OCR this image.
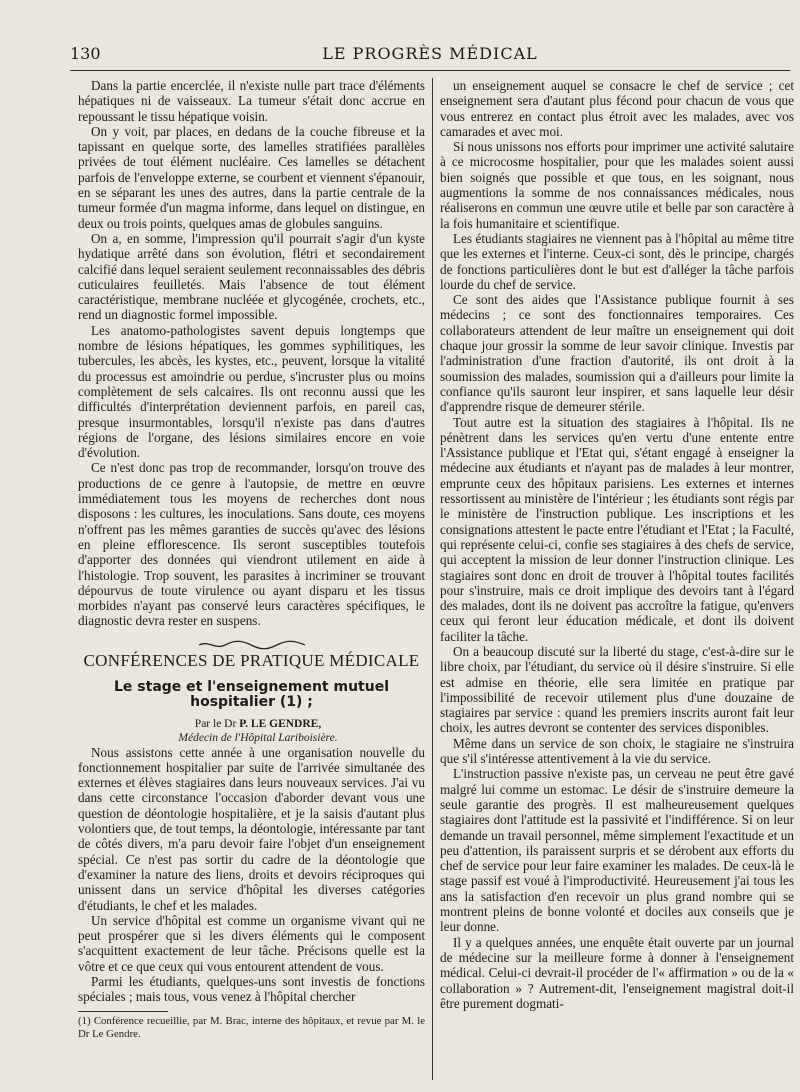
130	LE PROGRÈS MÉDICAL

Dans la partie encerclée, il n'existe nulle part trace d'éléments hépatiques ni de vaisseaux. La tumeur s'était donc accrue en repoussant le tissu hépatique voisin.

On y voit, par places, en dedans de la couche fibreuse et la tapissant en quelque sorte, des lamelles stratifiées parallèles privées de tout élément nucléaire. Ces lamelles se détachent parfois de l'enveloppe externe, se courbent et viennent s'épanouir, en se séparant les unes des autres, dans la partie centrale de la tumeur formée d'un magma informe, dans lequel on distingue, en deux ou trois points, quelques amas de globules sanguins.

On a, en somme, l'impression qu'il pourrait s'agir d'un kyste hydatique arrêté dans son évolution, flétri et secondairement calcifié dans lequel seraient seulement reconnaissables des débris cuticulaires feuilletés. Mais l'absence de tout élément caractéristique, membrane nucléée et glycogénée, crochets, etc., rend un diagnostic formel impossible.

Les anatomo-pathologistes savent depuis longtemps que nombre de lésions hépatiques, les gommes syphilitiques, les tubercules, les abcès, les kystes, etc., peuvent, lorsque la vitalité du processus est amoindrie ou perdue, s'incruster plus ou moins complètement de sels calcaires. Ils ont reconnu aussi que les difficultés d'interprétation deviennent parfois, en pareil cas, presque insurmontables, lorsqu'il n'existe pas dans d'autres régions de l'organe, des lésions similaires encore en voie d'évolution.

Ce n'est donc pas trop de recommander, lorsqu'on trouve des productions de ce genre à l'autopsie, de mettre en œuvre immédiatement tous les moyens de recherches dont nous disposons : les cultures, les inoculations. Sans doute, ces moyens n'offrent pas les mêmes garanties de succès qu'avec des lésions en pleine efflorescence. Ils seront susceptibles toutefois d'apporter des données qui viendront utilement en aide à l'histologie. Trop souvent, les parasites à incriminer se trouvant dépourvus de toute virulence ou ayant disparu et les tissus morbides n'ayant pas conservé leurs caractères spécifiques, le diagnostic devra rester en suspens.

CONFÉRENCES DE PRATIQUE MÉDICALE
Le stage et l'enseignement mutuel hospitalier (1) ;

Par le Dr P. LE GENDRE,

Médecin de l'Hôpital Lariboisière.

Nous assistons cette année à une organisation nouvelle du fonctionnement hospitalier par suite de l'arrivée simultanée des externes et élèves stagiaires dans leurs nouveaux services. J'ai vu dans cette circonstance l'occasion d'aborder devant vous une question de déontologie hospitalière, et je la saisis d'autant plus volontiers que, de tout temps, la déontologie, intéressante par tant de côtés divers, m'a paru devoir faire l'objet d'un enseignement spécial. Ce n'est pas sortir du cadre de la déontologie que d'examiner la nature des liens, droits et devoirs réciproques qui unissent dans un service d'hôpital les diverses catégories d'étudiants, le chef et les malades.

Un service d'hôpital est comme un organisme vivant qui ne peut prospérer que si les divers éléments qui le composent s'acquittent exactement de leur tâche. Précisons quelle est la vôtre et ce que ceux qui vous entourent attendent de vous.

Parmi les étudiants, quelques-uns sont investis de fonctions spéciales ; mais tous, vous venez à l'hôpital chercher

(1) Conférence recueillie, par M. Brac, interne des hôpitaux, et revue par M. le Dr Le Gendre.

un enseignement auquel se consacre le chef de service ; cet enseignement sera d'autant plus fécond pour chacun de vous que vous entrerez en contact plus étroit avec les malades, avec vos camarades et avec moi.

Si nous unissons nos efforts pour imprimer une activité salutaire à ce microcosme hospitalier, pour que les malades soient aussi bien soignés que possible et que tous, en les soignant, nous augmentions la somme de nos connaissances médicales, nous réaliserons en commun une œuvre utile et belle par son caractère à la fois humanitaire et scientifique.

Les étudiants stagiaires ne viennent pas à l'hôpital au même titre que les externes et l'interne. Ceux-ci sont, dès le principe, chargés de fonctions particulières dont le but est d'alléger la tâche parfois lourde du chef de service.

Ce sont des aides que l'Assistance publique fournit à ses médecins ; ce sont des fonctionnaires temporaires. Ces collaborateurs attendent de leur maître un enseignement qui doit chaque jour grossir la somme de leur savoir clinique. Investis par l'administration d'une fraction d'autorité, ils ont droit à la soumission des malades, soumission qui a d'ailleurs pour limite la confiance qu'ils sauront leur inspirer, et sans laquelle leur désir d'apprendre risque de demeurer stérile.

Tout autre est la situation des stagiaires à l'hôpital. Ils ne pénètrent dans les services qu'en vertu d'une entente entre l'Assistance publique et l'Etat qui, s'étant engagé à enseigner la médecine aux étudiants et n'ayant pas de malades à leur montrer, emprunte ceux des hôpitaux parisiens. Les externes et internes ressortissent au ministère de l'intérieur ; les étudiants sont régis par le ministère de l'instruction publique. Les inscriptions et les consignations attestent le pacte entre l'étudiant et l'Etat ; la Faculté, qui représente celui-ci, confie ses stagiaires à des chefs de service, qui acceptent la mission de leur donner l'instruction clinique. Les stagiaires sont donc en droit de trouver à l'hôpital toutes facilités pour s'instruire, mais ce droit implique des devoirs tant à l'égard des malades, dont ils ne doivent pas accroître la fatigue, qu'envers ceux qui feront leur éducation médicale, et dont ils doivent faciliter la tâche.

On a beaucoup discuté sur la liberté du stage, c'est-à-dire sur le libre choix, par l'étudiant, du service où il désire s'instruire. Si elle est admise en théorie, elle sera limitée en pratique par l'impossibilité de recevoir utilement plus d'une douzaine de stagiaires par service : quand les premiers inscrits auront fait leur choix, les autres devront se contenter des services disponibles.

Même dans un service de son choix, le stagiaire ne s'instruira que s'il s'intéresse attentivement à la vie du service.

L'instruction passive n'existe pas, un cerveau ne peut être gavé malgré lui comme un estomac. Le désir de s'instruire demeure la seule garantie des progrès. Il est malheureusement quelques stagiaires dont l'attitude est la passivité et l'indifférence. Si on leur demande un travail personnel, même simplement l'exactitude et un peu d'attention, ils paraissent surpris et se dérobent aux efforts du chef de service pour leur faire examiner les malades. De ceux-là le stage passif est voué à l'improductivité. Heureusement j'ai tous les ans la satisfaction d'en recevoir un plus grand nombre qui se montrent pleins de bonne volonté et dociles aux conseils que je leur donne.

Il y a quelques années, une enquête était ouverte par un journal de médecine sur la meilleure forme à donner à l'enseignement médical. Celui-ci devrait-il procéder de l'« affirmation » ou de la « collaboration » ? Autrement-dit, l'enseignement magistral doit-il être purement dogmati-
